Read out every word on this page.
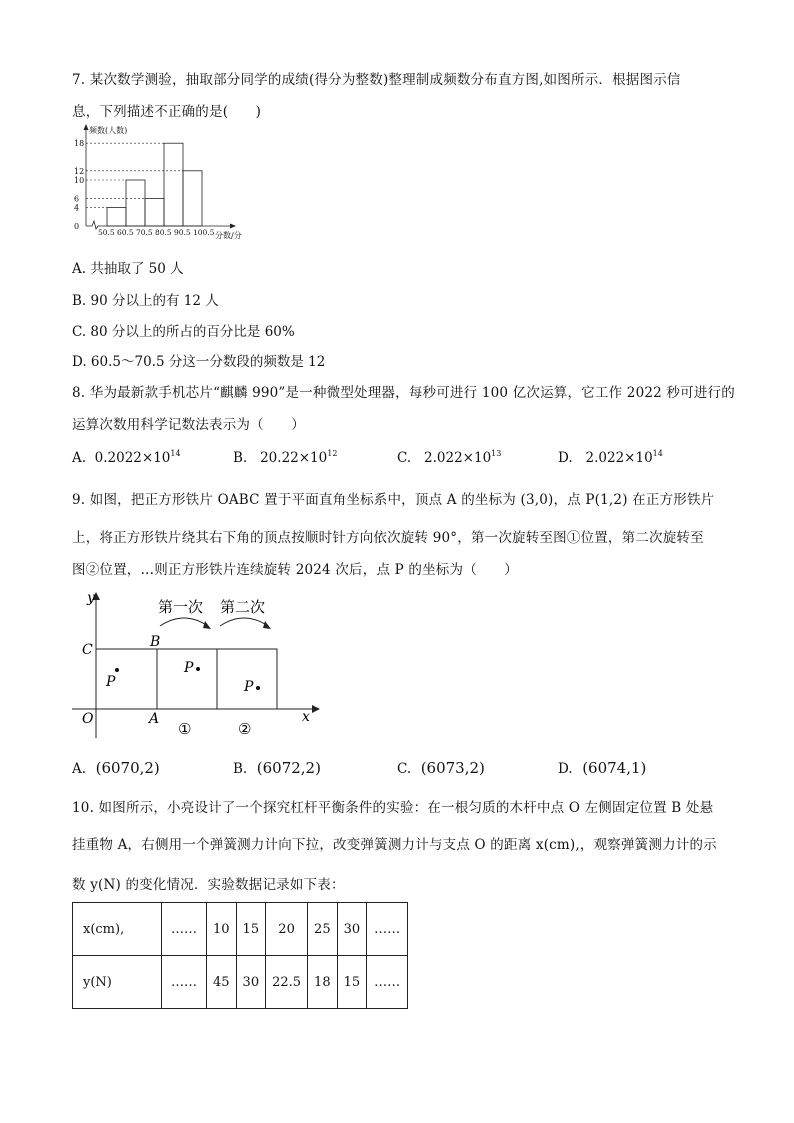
7. 某次数学测验，抽取部分同学的成绩(得分为整数)整理制成频数分布直方图,如图所示．根据图示信
息，下列描述不正确的是(　　)
频数(人数)
0
4
6
10
12
18
50.5 60.5 70.5 80.5 90.5 100.5 分数/分
A. 共抽取了 50 人
B. 90 分以上的有 12 人
C. 80 分以上的所占的百分比是 60%
D. 60.5～70.5 分这一分数段的频数是 12
8. 华为最新款手机芯片“麒麟 990”是一种微型处理器，每秒可进行 100 亿次运算，它工作 2022 秒可进行的
运算次数用科学记数法表示为（　　）
A. $0.2022\times 10^{14}$	B. $20.22\times 10^{12}$	C. $2.022\times 10^{13}$	D. $2.022\times 10^{14}$
9. 如图，把正方形铁片 OABC 置于平面直角坐标系中，顶点 A 的坐标为 (3,0)，点 P(1,2) 在正方形铁片
上，将正方形铁片绕其右下角的顶点按顺时针方向依次旋转 90°，第一次旋转至图①位置，第二次旋转至
图②位置，…则正方形铁片连续旋转 2024 次后，点 P 的坐标为（　　）
第一次 第二次
y
x
O	A
B
C
P
P
P
①	②
A. (6070,2)	B. (6072,2)	C. (6073,2)	D. (6074,1)
10. 如图所示，小亮设计了一个探究杠杆平衡条件的实验：在一根匀质的木杆中点 O 左侧固定位置 B 处悬
挂重物 A，右侧用一个弹簧测力计向下拉，改变弹簧测力计与支点 O 的距离 x(cm),，观察弹簧测力计的示
数 y(N) 的变化情况．实验数据记录如下表：
x(cm),	……	10	15	20	25	30	……
y(N)	……	45	30	22.5	18	15	……
